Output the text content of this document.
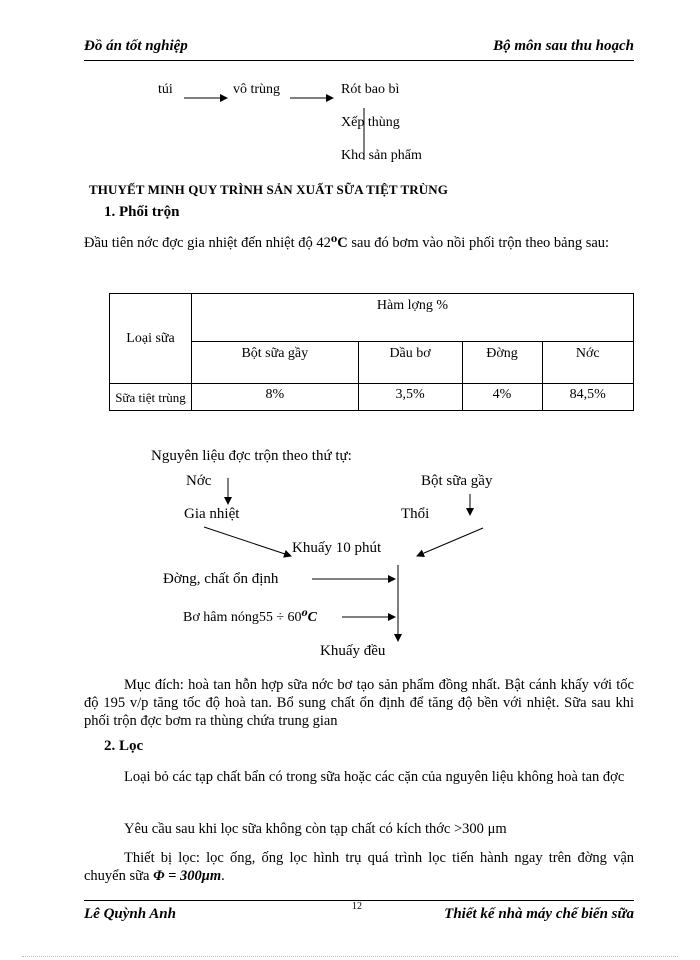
Đồ án tốt nghiệp	Bộ môn sau thu hoạch
túi	vô trùng	Rót bao bì
Xếp thùng
Kho sản phẩm
THUYẾT MINH QUY TRÌNH SẢN XUẤT SỮA TIỆT TRÙNG
1. Phối trộn
Đầu tiên nớc đợc gia nhiệt đến nhiệt độ 42⁰C sau đó bơm vào nồi phối trộn theo bảng sau:
Loại sữa	Hàm lợng %			
	Bột sữa gầy	Dầu bơ	Đờng	Nớc
Sữa tiệt trùng	8%	3,5%	4%	84,5%
Nguyên liệu đợc trộn theo thứ tự:
Nớc	Bột sữa gầy
Gia nhiệt	Thổi
Khuấy 10 phút
Đờng, chất ổn định
Bơ hâm nóng55 ÷ 60⁰C
Khuấy đều
Mục đích: hoà tan hỗn hợp sữa nớc bơ tạo sản phẩm đồng nhất. Bật cánh khấy với tốc độ 195 v/p tăng tốc độ hoà tan. Bổ sung chất ổn định để tăng độ bền với nhiệt. Sữa sau khi phối trộn đợc bơm ra thùng chứa trung gian
2. Lọc
Loại bỏ các tạp chất bẩn có trong sữa hoặc các cặn của nguyên liệu không hoà tan đợc
Yêu cầu sau khi lọc sữa không còn tạp chất có kích thớc >300 μm
Thiết bị lọc: lọc ống, ống lọc hình trụ quá trình lọc tiến hành ngay trên đờng vận chuyển sữa Φ = 300μm.
Lê Quỳnh Anh	12	Thiết kế nhà máy chế biến sữa
